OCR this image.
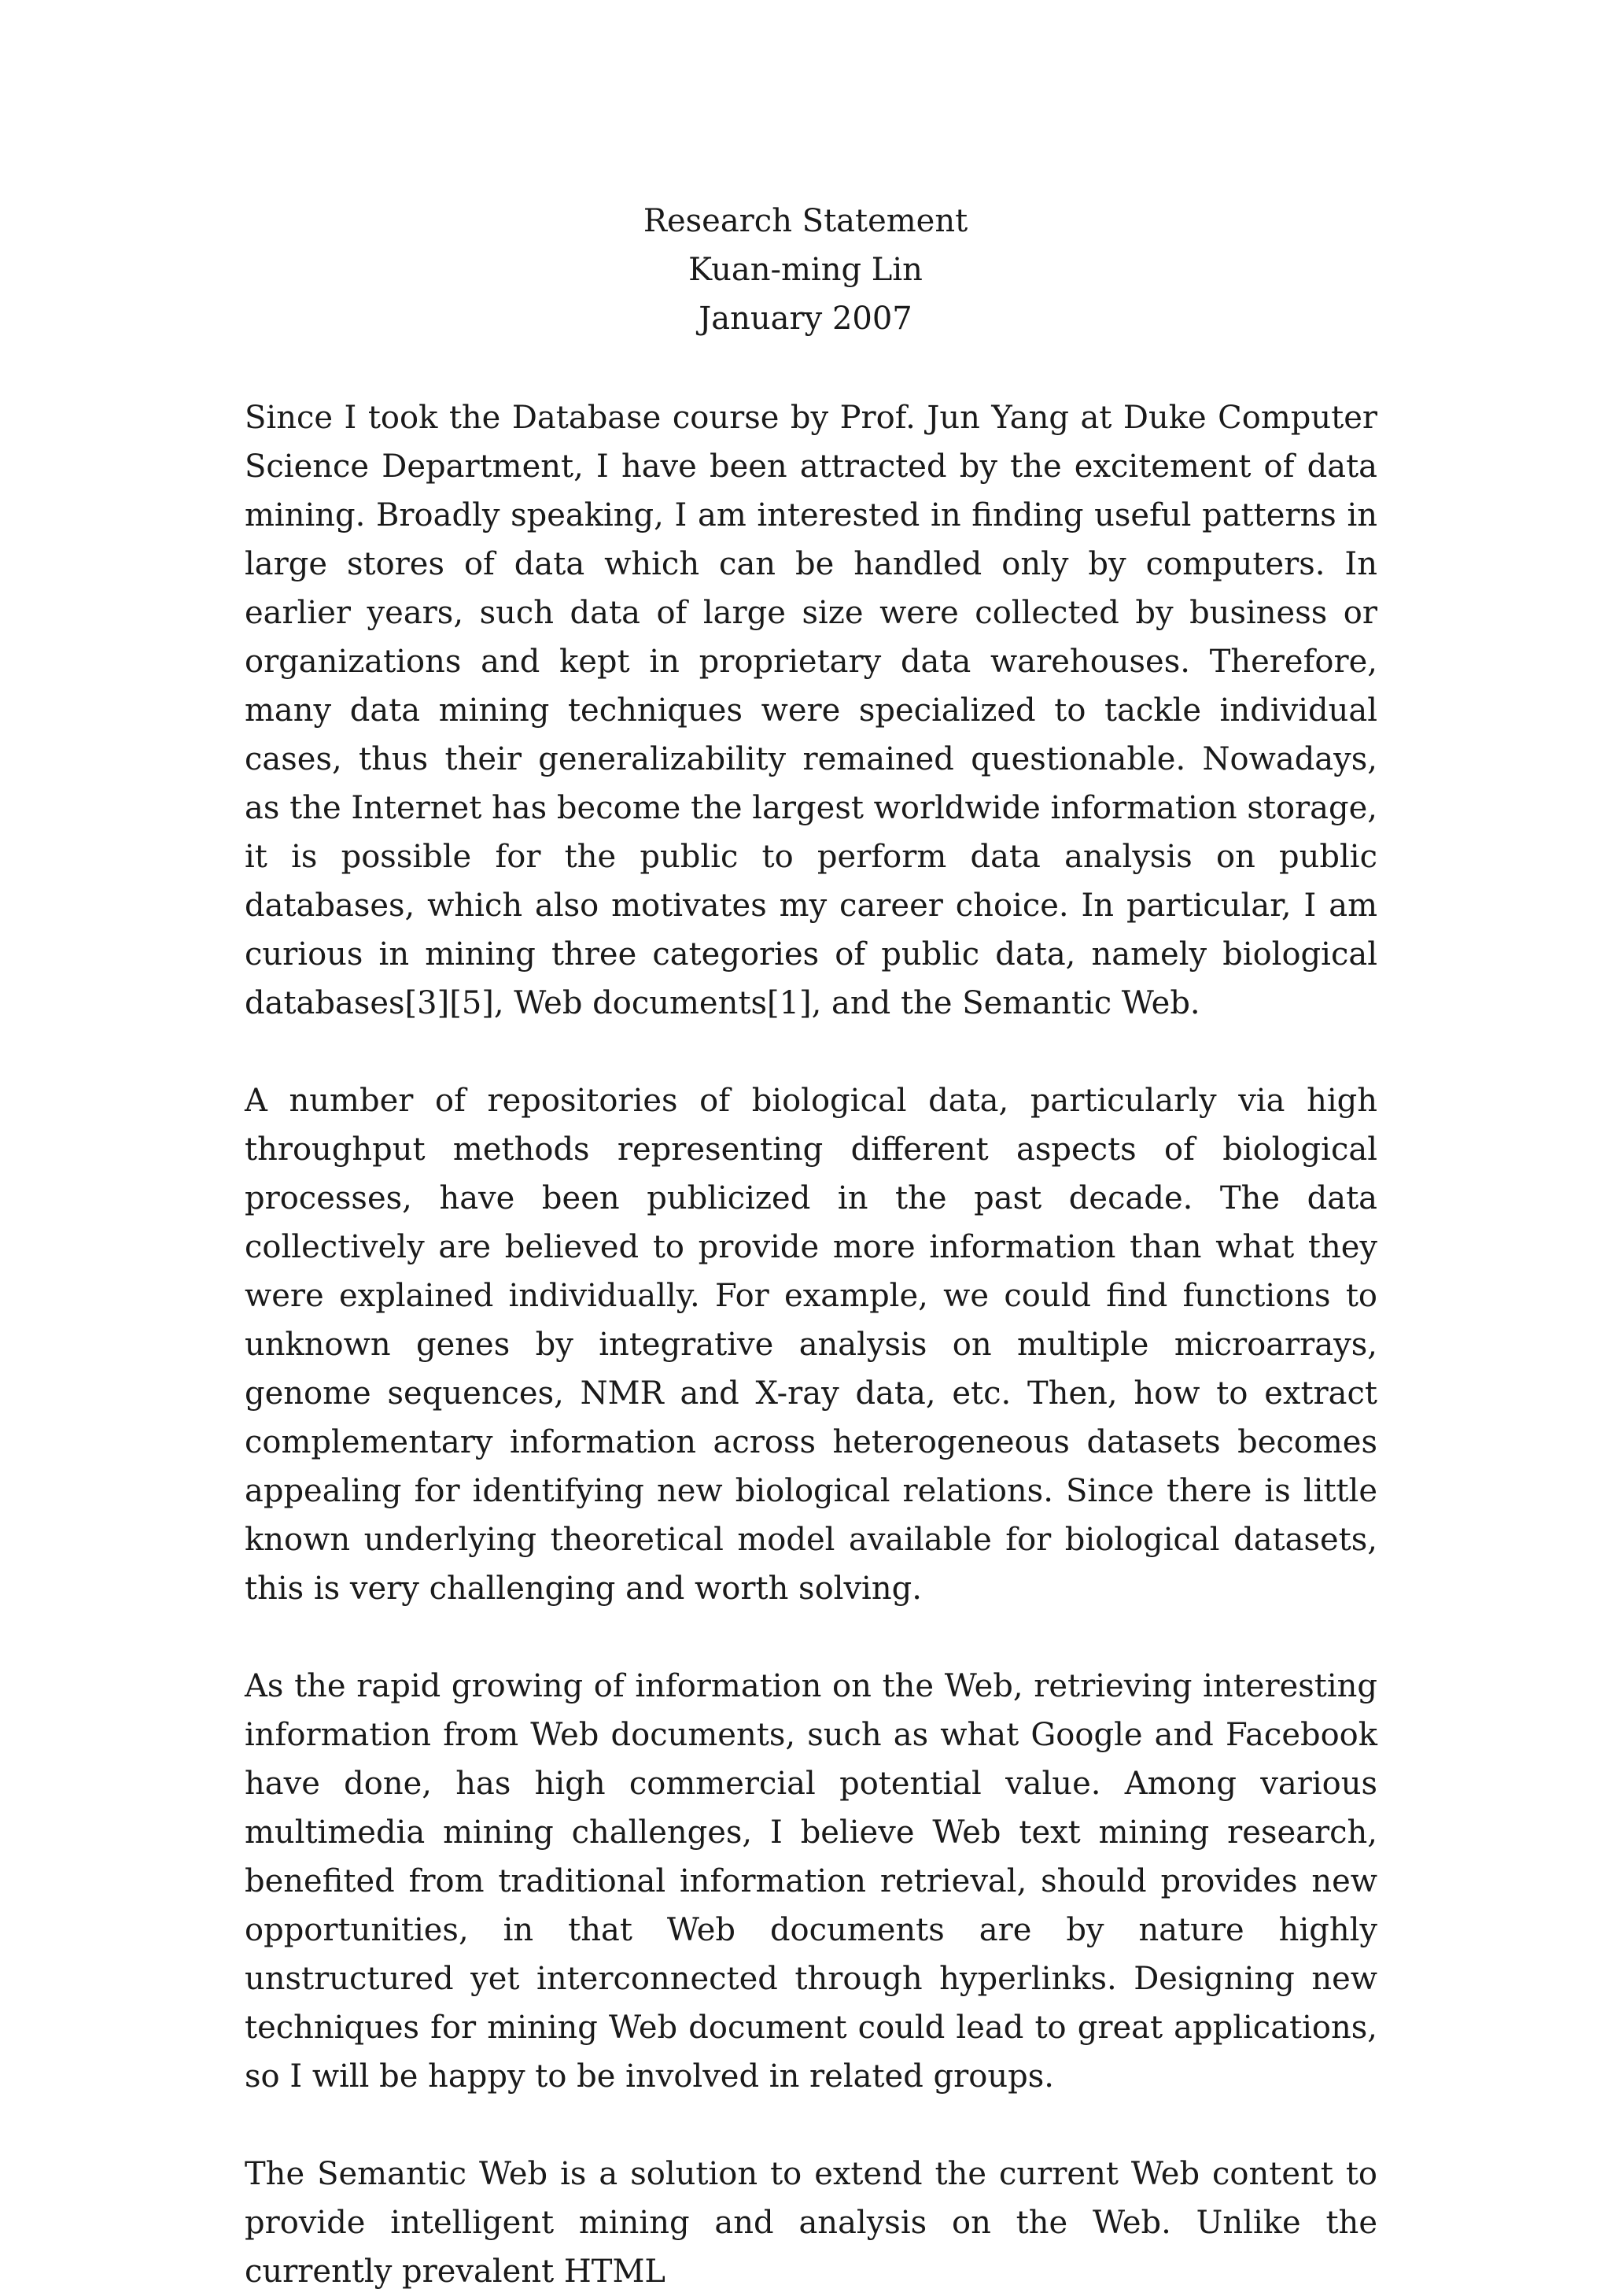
Research Statement
Kuan-ming Lin
January 2007

Since I took the Database course by Prof. Jun Yang at Duke Computer Science Department, I have been attracted by the excitement of data mining. Broadly speaking, I am interested in finding useful patterns in large stores of data which can be handled only by computers. In earlier years, such data of large size were collected by business or organizations and kept in proprietary data warehouses. Therefore, many data mining techniques were specialized to tackle individual cases, thus their generalizability remained questionable. Nowadays, as the Internet has become the largest worldwide information storage, it is possible for the public to perform data analysis on public databases, which also motivates my career choice. In particular, I am curious in mining three categories of public data, namely biological databases[3][5], Web documents[1], and the Semantic Web.

A number of repositories of biological data, particularly via high throughput methods representing different aspects of biological processes, have been publicized in the past decade. The data collectively are believed to provide more information than what they were explained individually. For example, we could find functions to unknown genes by integrative analysis on multiple microarrays, genome sequences, NMR and X-ray data, etc. Then, how to extract complementary information across heterogeneous datasets becomes appealing for identifying new biological relations. Since there is little known underlying theoretical model available for biological datasets, this is very challenging and worth solving.

As the rapid growing of information on the Web, retrieving interesting information from Web documents, such as what Google and Facebook have done, has high commercial potential value. Among various multimedia mining challenges, I believe Web text mining research, benefited from traditional information retrieval, should provides new opportunities, in that Web documents are by nature highly unstructured yet interconnected through hyperlinks. Designing new techniques for mining Web document could lead to great applications, so I will be happy to be involved in related groups.

The Semantic Web is a solution to extend the current Web content to provide intelligent mining and analysis on the Web. Unlike the currently prevalent HTML
